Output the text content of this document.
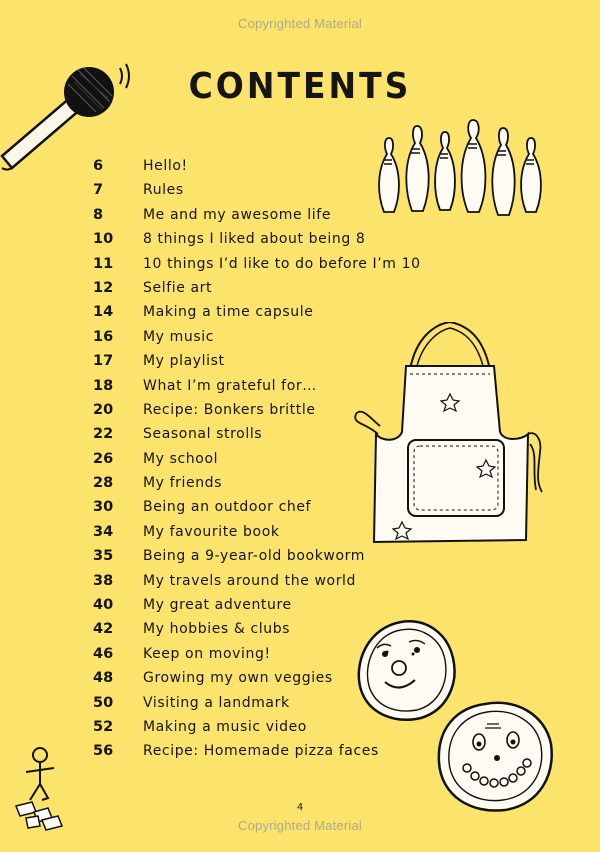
Copyrighted Material
CONTENTS
6	Hello!
7	Rules
8	Me and my awesome life
10 8 things I liked about being 8
11 10 things I’d like to do before I’m 10
12 Selfie art
14 Making a time capsule
16 My music
17 My playlist
18 What I’m grateful for…
20 Recipe: Bonkers brittle
22 Seasonal strolls
26 My school
28 My friends
30 Being an outdoor chef
34 My favourite book
35 Being a 9-year-old bookworm
38 My travels around the world
40 My great adventure
42 My hobbies & clubs
46 Keep on moving!
48 Growing my own veggies
50 Visiting a landmark
52 Making a music video
56 Recipe: Homemade pizza faces
4
Copyrighted Material
